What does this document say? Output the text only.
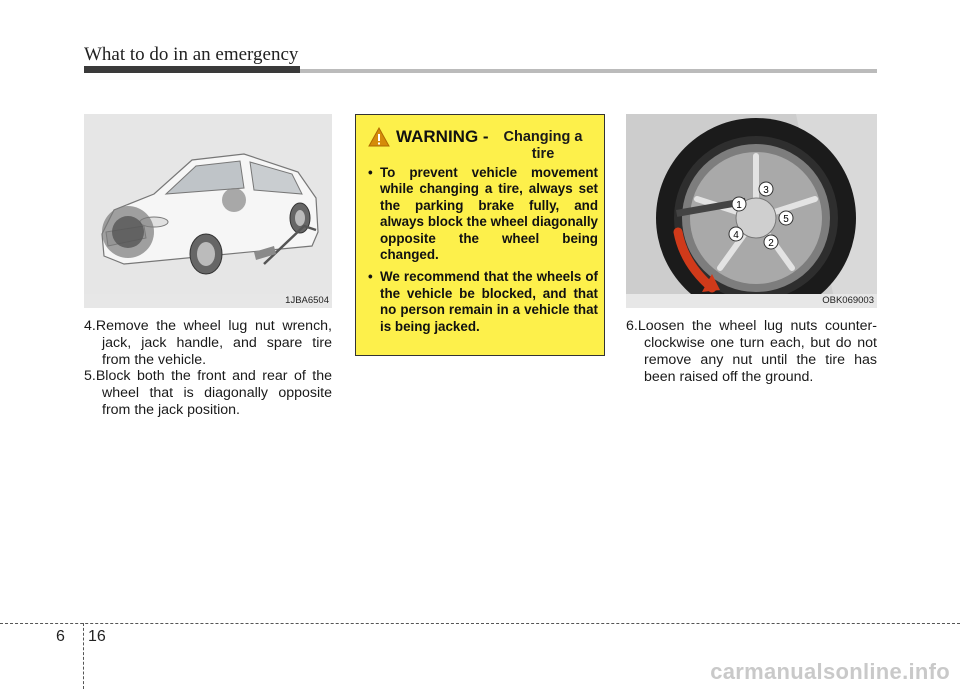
What to do in an emergency
1JBA6504
4.Remove the wheel lug nut wrench, jack, jack handle, and spare tire from the vehicle.
5.Block both the front and rear of the wheel that is diagonally opposite from the jack position.
WARNING -	Changing a tire
• To prevent vehicle movement while changing a tire, always set the parking brake fully, and always block the wheel diagonally opposite the wheel being changed.
• We recommend that the wheels of the vehicle be blocked, and that no person remain in a vehicle that is being jacked.
1
2
3
4
5
OBK069003
6.Loosen the wheel lug nuts counter-clockwise one turn each, but do not remove any nut until the tire has been raised off the ground.
6 16
carmanualsonline.info
